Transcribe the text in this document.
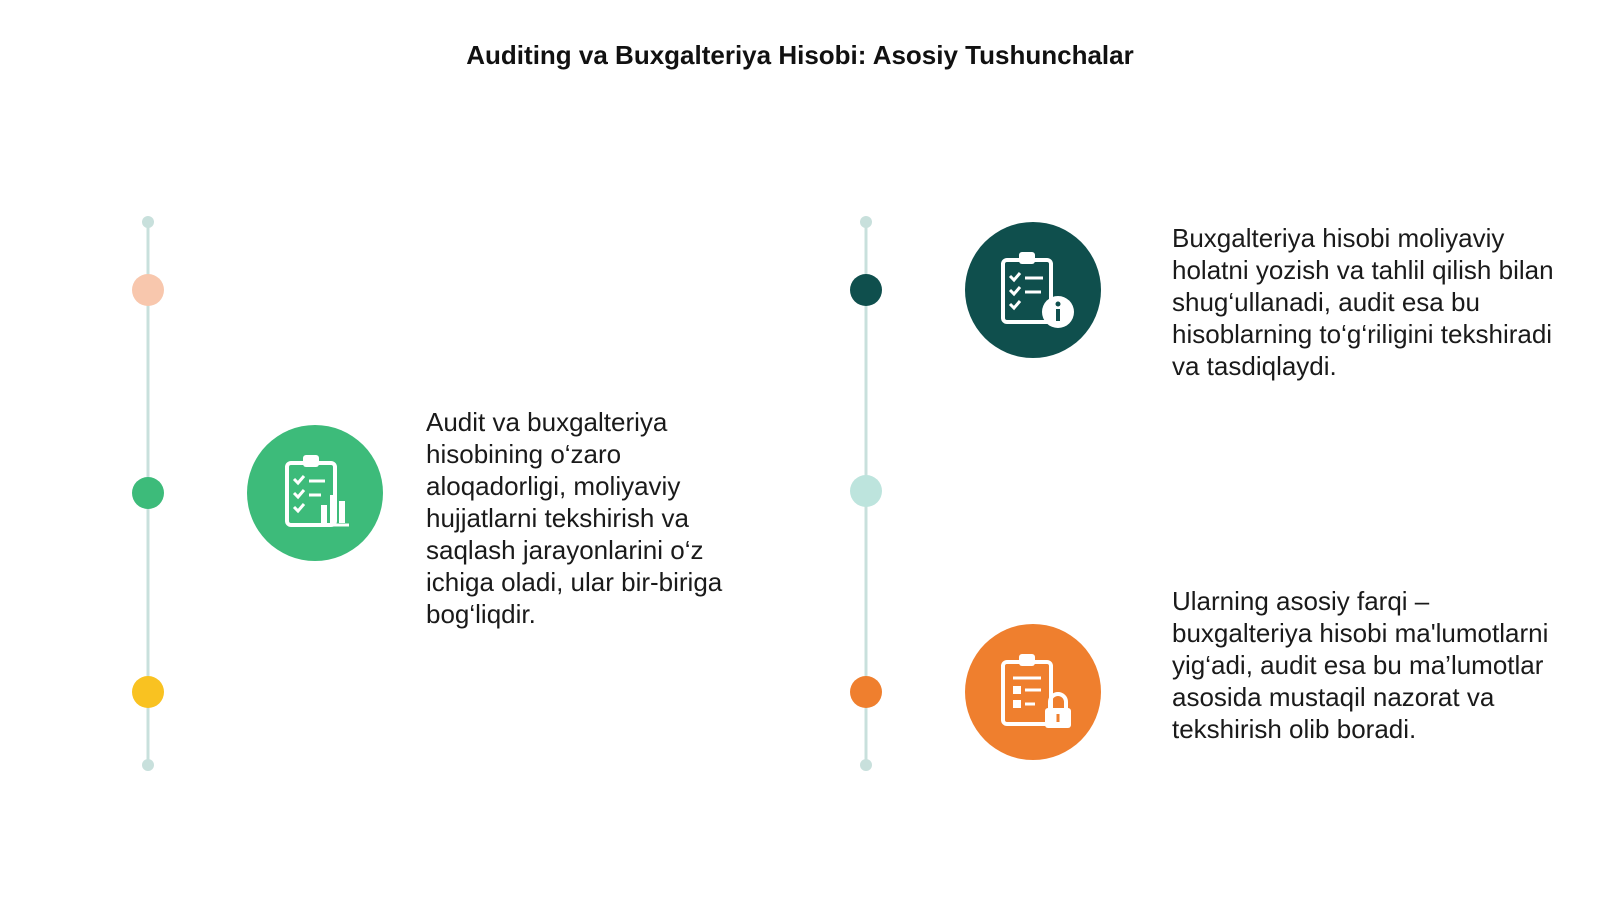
Auditing va Buxgalteriya Hisobi: Asosiy Tushunchalar

Audit va buxgalteriya hisobining o‘zaro aloqadorligi, moliyaviy hujjatlarni tekshirish va saqlash jarayonlarini o‘z ichiga oladi, ular bir-biriga bog‘liqdir.

Buxgalteriya hisobi moliyaviy holatni yozish va tahlil qilish bilan shug‘ullanadi, audit esa bu hisoblarning to‘g‘riligini tekshiradi va tasdiqlaydi.

Ularning asosiy farqi – buxgalteriya hisobi ma'lumotlarni yig‘adi, audit esa bu ma’lumotlar asosida mustaqil nazorat va tekshirish olib boradi.
